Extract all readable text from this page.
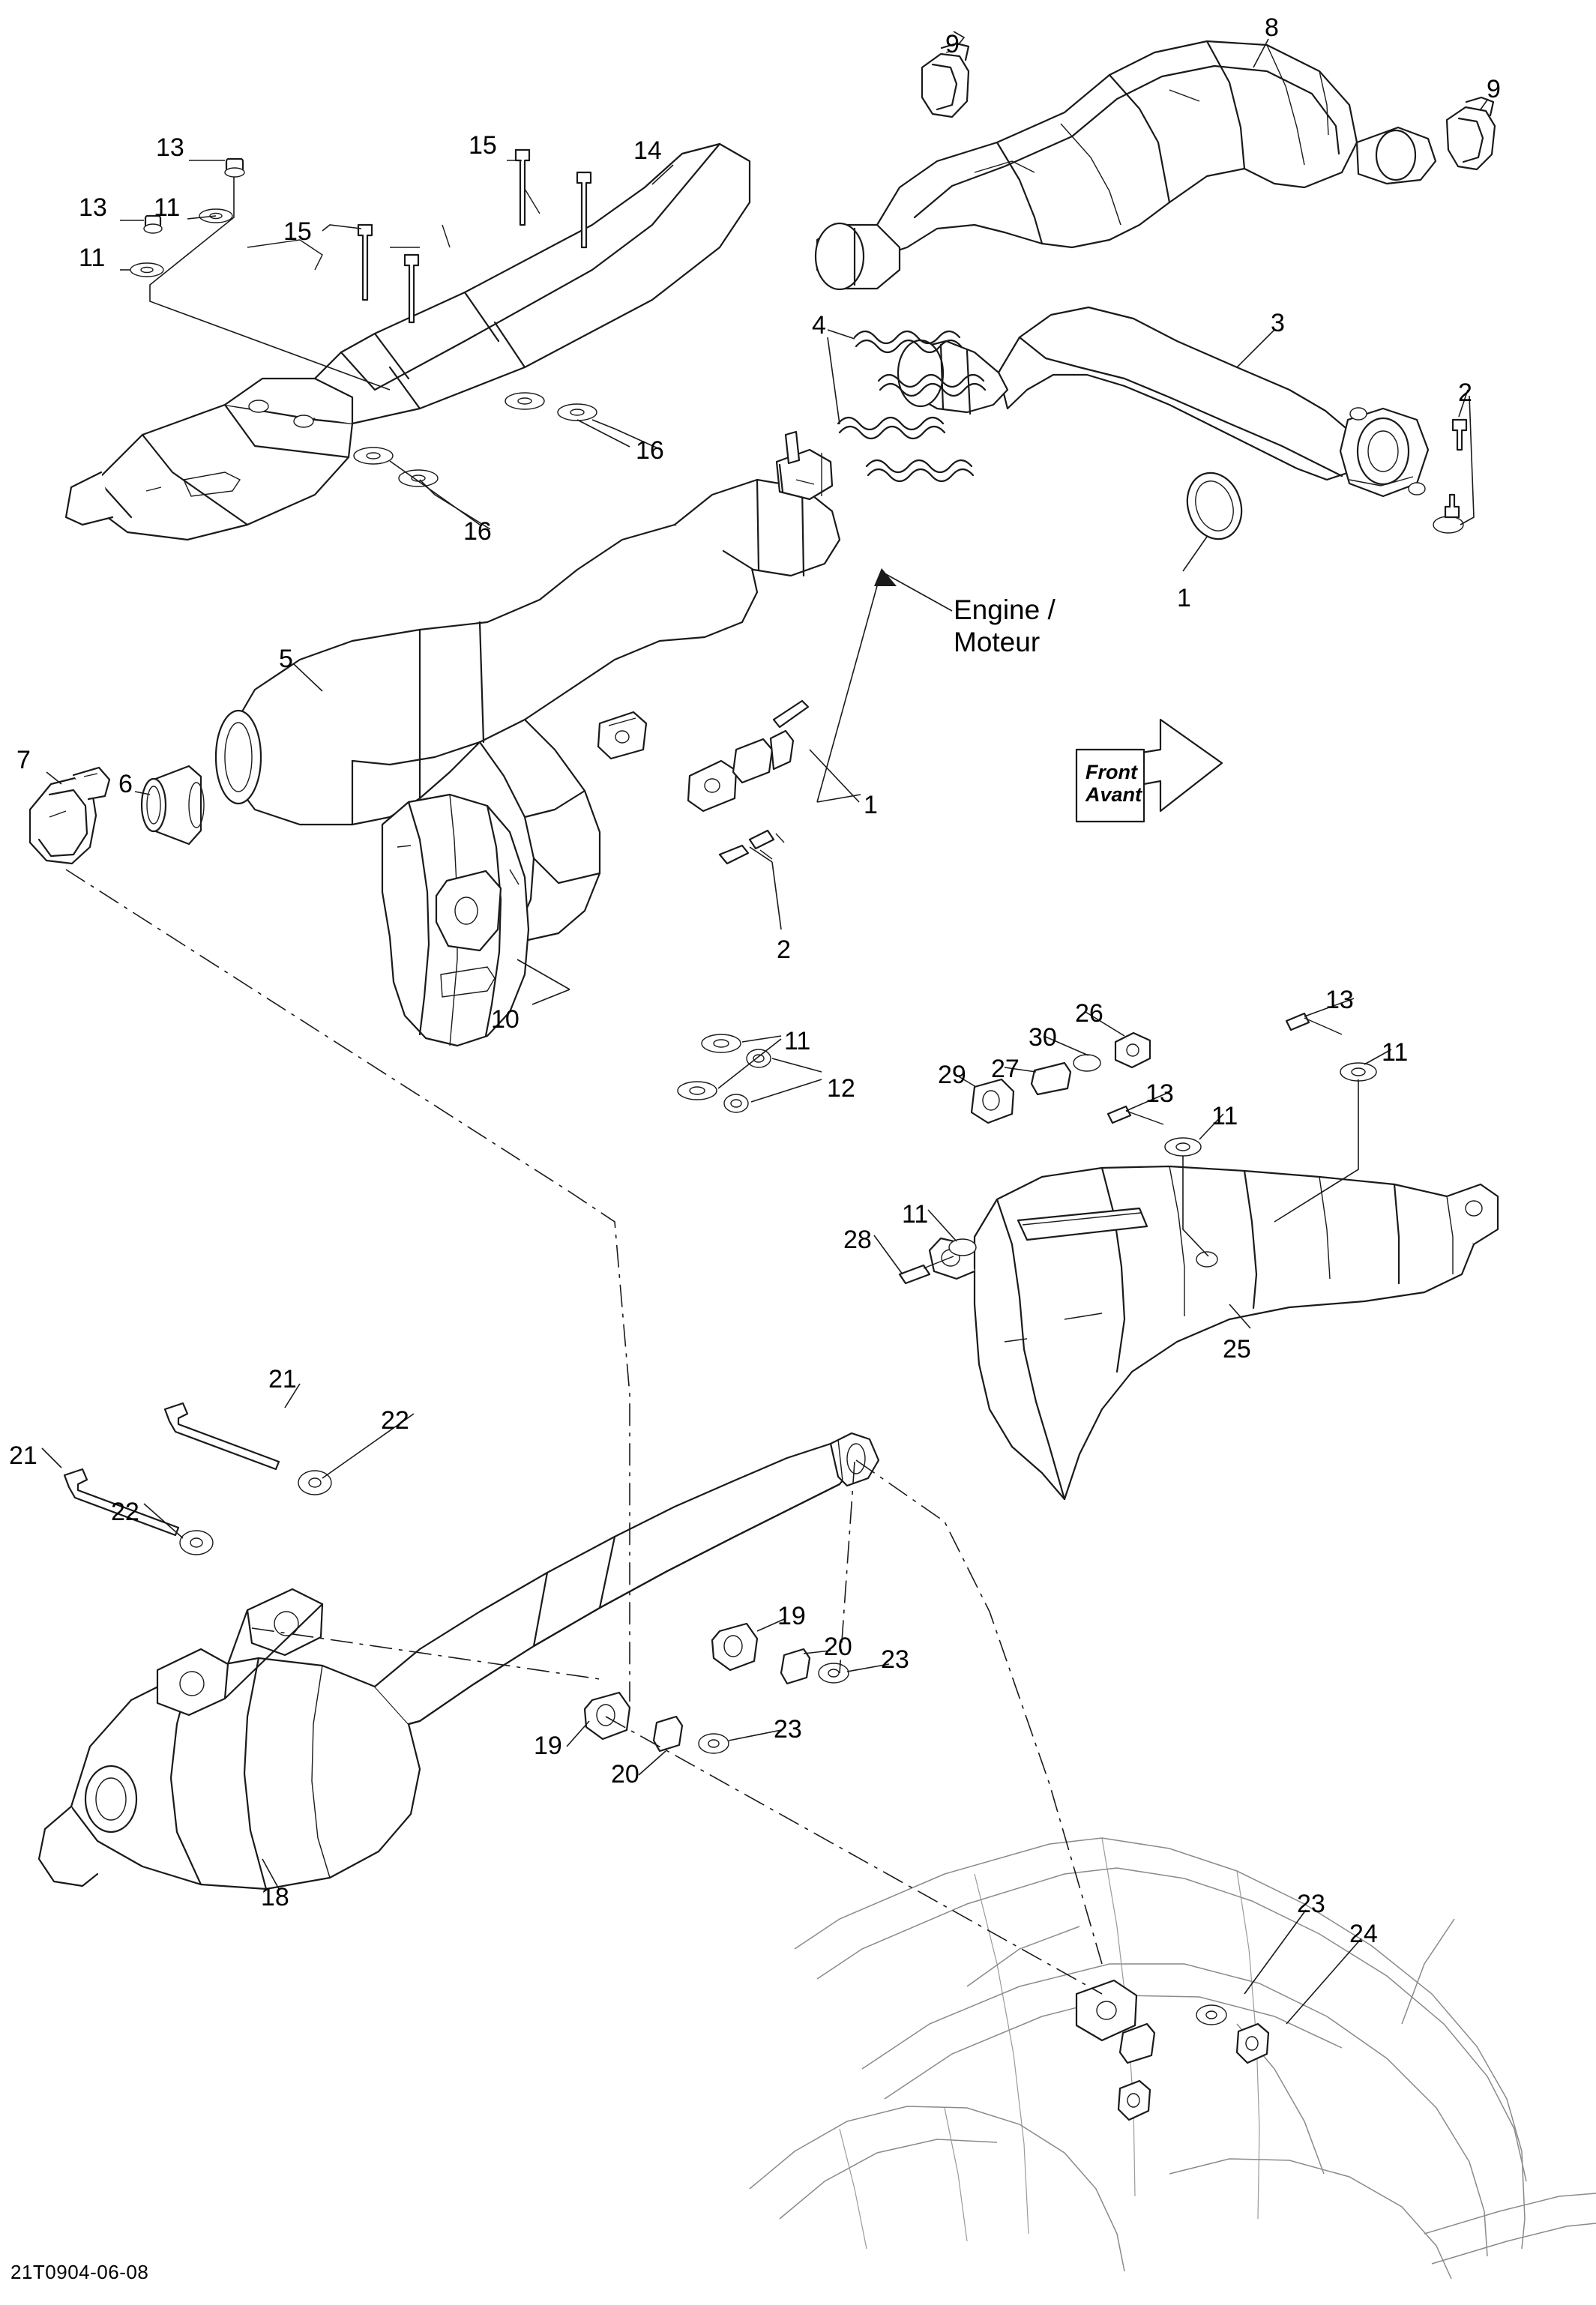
Engine /
Moteur
Front
Avant
21T0904-06-08
9
8
9
13	15	14
13 11
15
11
4	3
2
16
16
1
5
7
6
1
2
10
11
26	13
30
11
29 27
13
12
11
11
28
25
21
22
21
22
19
20 23
19
23
20
18	23
24
